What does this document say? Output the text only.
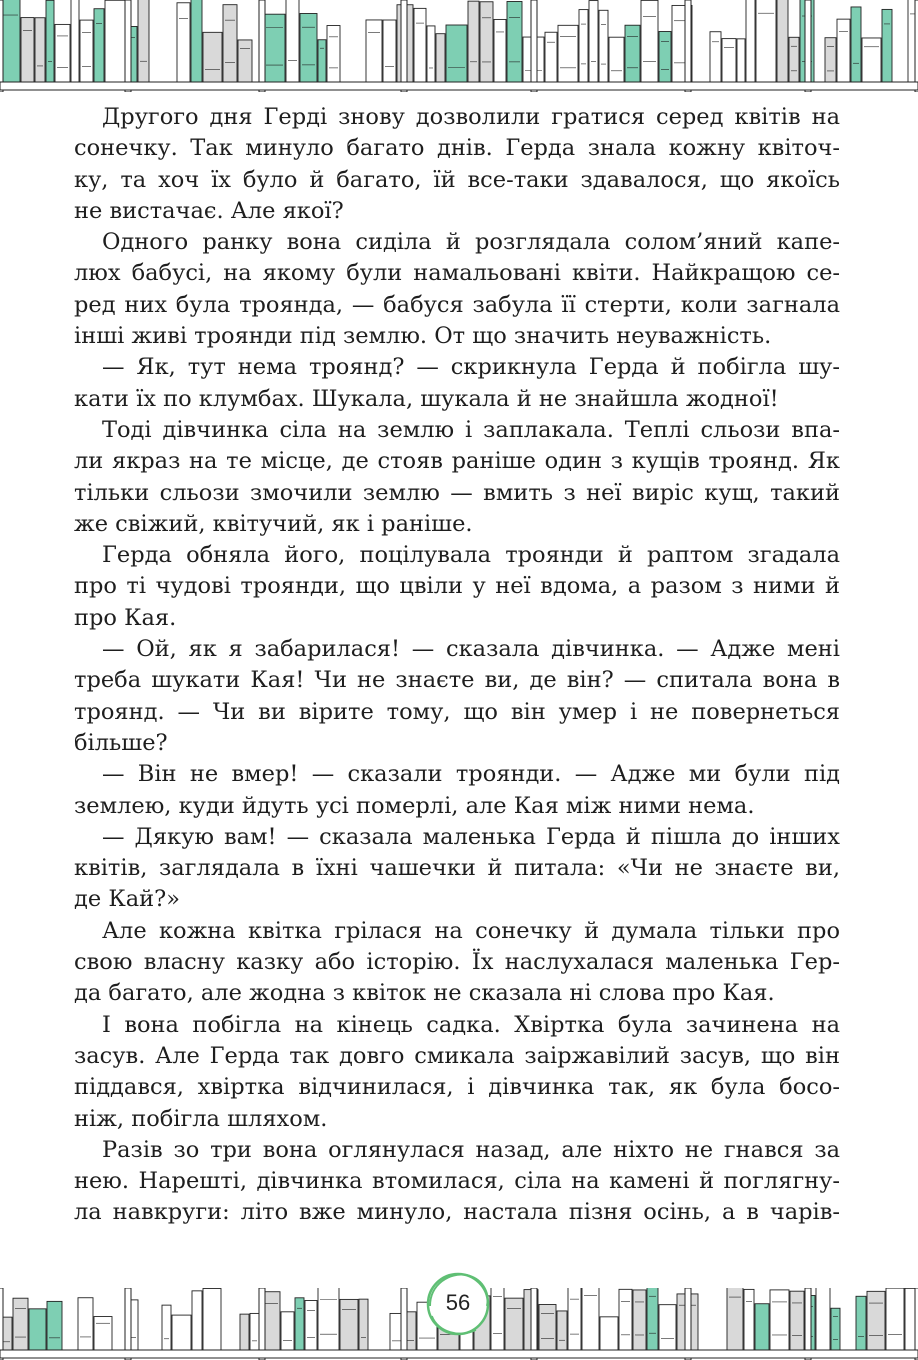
Другого дня Герді знову дозволили гратися серед квітів на
сонечку. Так минуло багато днів. Герда знала кожну квіточ-
ку, та хоч їх було й багато, їй все-таки здавалося, що якоїсь
не вистачає. Але якої?
Одного ранку вона сиділа й розглядала солом’яний капе-
люх бабусі, на якому були намальовані квіти. Найкращою се-
ред них була троянда, — бабуся забула її стерти, коли загнала
інші живі троянди під землю. От що значить неуважність.
— Як, тут нема троянд? — скрикнула Герда й побігла шу-
кати їх по клумбах. Шукала, шукала й не знайшла жодної!
Тоді дівчинка сіла на землю і заплакала. Теплі сльози впа-
ли якраз на те місце, де стояв раніше один з кущів троянд. Як
тільки сльози змочили землю — вмить з неї виріс кущ, такий
же свіжий, квітучий, як і раніше.
Герда обняла його, поцілувала троянди й раптом згадала
про ті чудові троянди, що цвіли у неї вдома, а разом з ними й
про Кая.
— Ой, як я забарилася! — сказала дівчинка. — Адже мені
треба шукати Кая! Чи не знаєте ви, де він? — спитала вона в
троянд. — Чи ви вірите тому, що він умер і не повернеться
більше?
— Він не вмер! — сказали троянди. — Адже ми були під
землею, куди йдуть усі померлі, але Кая між ними нема.
— Дякую вам! — сказала маленька Герда й пішла до інших
квітів, заглядала в їхні чашечки й питала: «Чи не знаєте ви,
де Кай?»
Але кожна квітка грілася на сонечку й думала тільки про
свою власну казку або історію. Їх наслухалася маленька Гер-
да багато, але жодна з квіток не сказала ні слова про Кая.
І вона побігла на кінець садка. Хвіртка була зачинена на
засув. Але Герда так довго смикала заіржавілий засув, що він
піддався, хвіртка відчинилася, і дівчинка так, як була босо-
ніж, побігла шляхом.
Разів зо три вона оглянулася назад, але ніхто не гнався за
нею. Нарешті, дівчинка втомилася, сіла на камені й поглягну-
ла навкруги: літо вже минуло, настала пізня осінь, а в чарів-
56
